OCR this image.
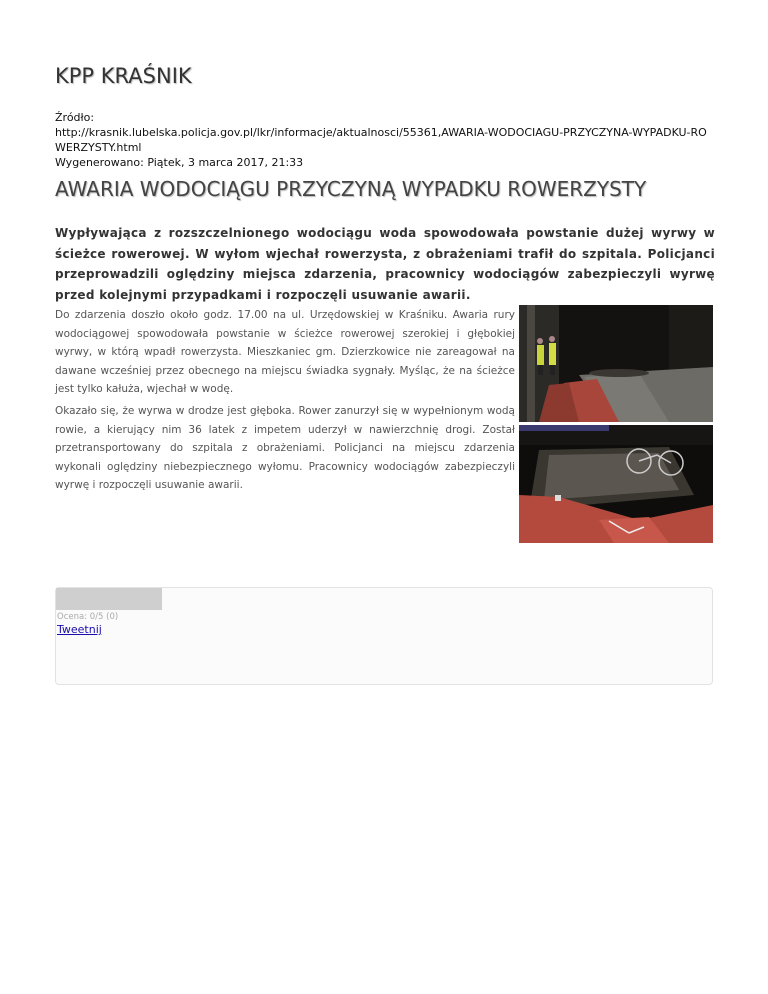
KPP KRAŚNIK
Źródło:
http://krasnik.lubelska.policja.gov.pl/lkr/informacje/aktualnosci/55361,AWARIA-WODOCIAGU-PRZYCZYNA-WYPADKU-ROWERZYSTY.html
Wygenerowano: Piątek, 3 marca 2017, 21:33
AWARIA WODOCIĄGU PRZYCZYNĄ WYPADKU ROWERZYSTY

Wypływająca z rozszczelnionego wodociągu woda spowodowała powstanie dużej wyrwy w ścieżce rowerowej. W wyłom wjechał rowerzysta, z obrażeniami trafił do szpitala. Policjanci przeprowadzili oględziny miejsca zdarzenia, pracownicy wodociągów zabezpieczyli wyrwę przed kolejnymi przypadkami i rozpoczęli usuwanie awarii.

Do zdarzenia doszło około godz. 17.00 na ul. Urzędowskiej w Kraśniku. Awaria rury wodociągowej spowodowała powstanie w ścieżce rowerowej szerokiej i głębokiej wyrwy, w którą wpadł rowerzysta. Mieszkaniec gm. Dzierzkowice nie zareagował na dawane wcześniej przez obecnego na miejscu świadka sygnały. Myśląc, że na ścieżce jest tylko kałuża, wjechał w wodę.

Okazało się, że wyrwa w drodze jest głęboka. Rower zanurzył się w wypełnionym wodą rowie, a kierujący nim 36 latek z impetem uderzył w nawierzchnię drogi. Został przetransportowany do szpitala z obrażeniami. Policjanci na miejscu zdarzenia wykonali oględziny niebezpiecznego wyłomu. Pracownicy wodociągów zabezpieczyli wyrwę i rozpoczęli usuwanie awarii.

Ocena: 0/5 (0)
Tweetnij
